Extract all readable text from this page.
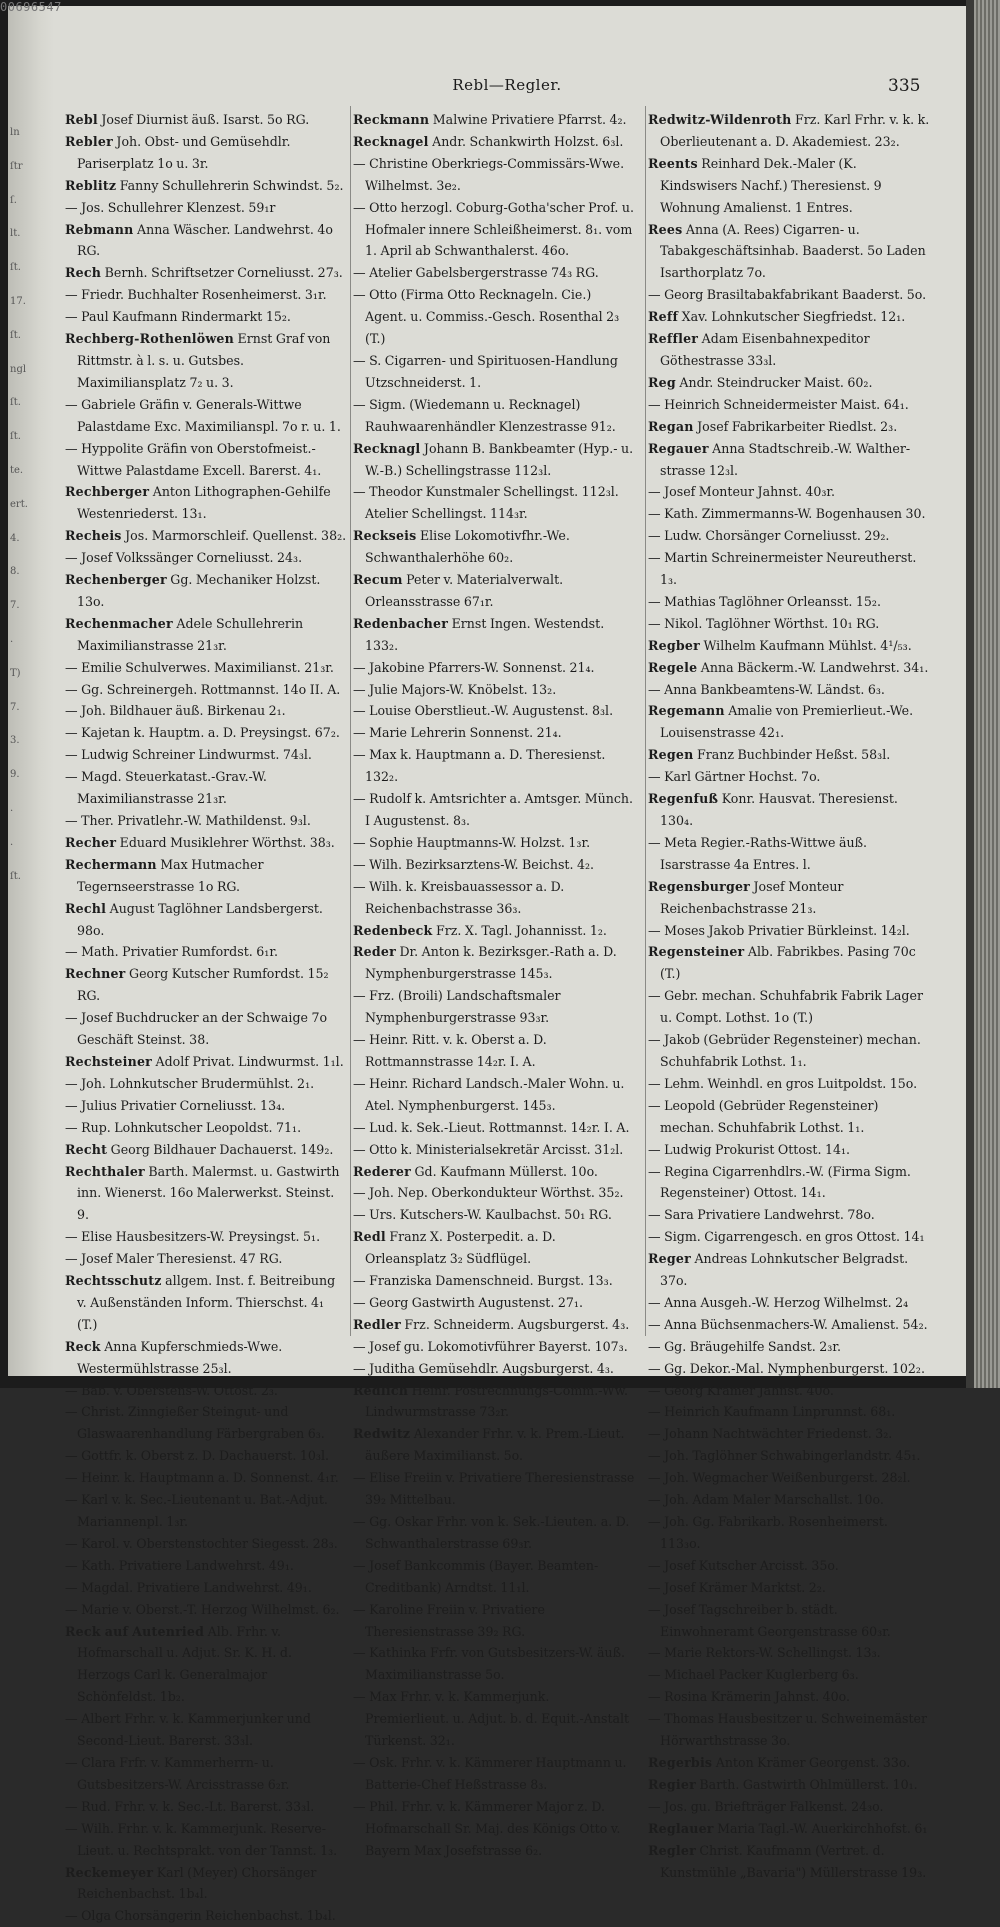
ln
ſtr
ſ.
lt.
ſt.
17.
ſt.
ngl
ſt.
ſt.
te.
ert.
4.
8.
7.
.
T)
7.
3.
9.
.
.
ſt.
Rebl—Regler.	335

Rebl Josef Diurnist äuß. Isarst. 5o RG.

Rebler Joh. Obst- und Gemüsehdlr. Pariserplatz 1o u. 3r.

Reblitz Fanny Schullehrerin Schwindst. 5₂.

— Jos. Schullehrer Klenzest. 59₁r

Rebmann Anna Wäscher. Landwehrst. 4o RG.

Rech Bernh. Schriftsetzer Corneliusst. 27₃.

— Friedr. Buchhalter Rosenheimerst. 3₁r.

— Paul Kaufmann Rindermarkt 15₂.

Rechberg-Rothenlöwen Ernst Graf von Rittmstr. à l. s. u. Gutsbes. Maximiliansplatz 7₂ u. 3.

— Gabriele Gräfin v. Generals-Wittwe Palastdame Exc. Maximilianspl. 7o r. u. 1.

— Hyppolite Gräfin von Oberstofmeist.-Wittwe Palastdame Excell. Barerst. 4₁.

Rechberger Anton Lithographen-Gehilfe Westenriederst. 13₁.

Recheis Jos. Marmorschleif. Quellenst. 38₂.

— Josef Volkssänger Corneliusst. 24₃.

Rechenberger Gg. Mechaniker Holzst. 13o.

Rechenmacher Adele Schullehrerin Maximilianstrasse 21₃r.

— Emilie Schulverwes. Maximilianst. 21₃r.

— Gg. Schreinergeh. Rottmannst. 14o II. A.

— Joh. Bildhauer äuß. Birkenau 2₁.

— Kajetan k. Hauptm. a. D. Preysingst. 67₂.

— Ludwig Schreiner Lindwurmst. 74₃l.

— Magd. Steuerkatast.-Grav.-W. Maximilianstrasse 21₃r.

— Ther. Privatlehr.-W. Mathildenst. 9₃l.

Recher Eduard Musiklehrer Wörthst. 38₃.

Rechermann Max Hutmacher Tegernseerstrasse 1o RG.

Rechl August Taglöhner Landsbergerst. 98o.

— Math. Privatier Rumfordst. 6₁r.

Rechner Georg Kutscher Rumfordst. 15₂ RG.

— Josef Buchdrucker an der Schwaige 7o Geschäft Steinst. 38.

Rechsteiner Adolf Privat. Lindwurmst. 1₁l.

— Joh. Lohnkutscher Brudermühlst. 2₁.

— Julius Privatier Corneliusst. 13₄.

— Rup. Lohnkutscher Leopoldst. 71₁.

Recht Georg Bildhauer Dachauerst. 149₂.

Rechthaler Barth. Malermst. u. Gastwirth inn. Wienerst. 16o Malerwerkst. Steinst. 9.

— Elise Hausbesitzers-W. Preysingst. 5₁.

— Josef Maler Theresienst. 47 RG.

Rechtsschutz allgem. Inst. f. Beitreibung v. Außenständen Inform. Thierschst. 4₁ (T.)

Reck Anna Kupferschmieds-Wwe. Westermühlstrasse 25₃l.

— Bab. v. Oberstens-W. Ottost. 2₃.

— Christ. Zinngießer Steingut- und Glaswaarenhandlung Färbergraben 6₃.

— Gottfr. k. Oberst z. D. Dachauerst. 10₃l.

— Heinr. k. Hauptmann a. D. Sonnenst. 4₁r.

— Karl v. k. Sec.-Lieutenant u. Bat.-Adjut. Mariannenpl. 1₃r.

— Karol. v. Oberstenstochter Siegesst. 28₃.

— Kath. Privatiere Landwehrst. 49₁.

— Magdal. Privatiere Landwehrst. 49₁.

— Marie v. Oberst.-T. Herzog Wilhelmst. 6₂.

Reck auf Autenried Alb. Frhr. v. Hofmarschall u. Adjut. Sr. K. H. d. Herzogs Carl k. Generalmajor Schönfeldst. 1b₂.

— Albert Frhr. v. k. Kammerjunker und Second-Lieut. Barerst. 33₃l.

— Clara Frfr. v. Kammerherrn- u. Gutsbesitzers-W. Arcisstrasse 6₂r.

— Rud. Frhr. v. k. Sec.-Lt. Barerst. 33₃l.

— Wilh. Frhr. v. k. Kammerjunk. Reserve-Lieut. u. Rechtsprakt. von der Tannst. 1₃.

Reckemeyer Karl (Meyer) Chorsänger Reichenbachst. 1b₄l.

— Olga Chorsängerin Reichenbachst. 1b₄l.

Reckmann Malwine Privatiere Pfarrst. 4₂.

Recknagel Andr. Schankwirth Holzst. 6₃l.

— Christine Oberkriegs-Commissärs-Wwe. Wilhelmst. 3e₂.

— Otto herzogl. Coburg-Gotha'scher Prof. u. Hofmaler innere Schleißheimerst. 8₁. vom 1. April ab Schwanthalerst. 46o.

— Atelier Gabelsbergerstrasse 74₃ RG.

— Otto (Firma Otto Recknageln. Cie.) Agent. u. Commiss.-Gesch. Rosenthal 2₃ (T.)

— S. Cigarren- und Spirituosen-Handlung Utzschneiderst. 1.

— Sigm. (Wiedemann u. Recknagel) Rauhwaarenhändler Klenzestrasse 91₂.

Recknagl Johann B. Bankbeamter (Hyp.- u. W.-B.) Schellingstrasse 112₃l.

— Theodor Kunstmaler Schellingst. 112₃l. Atelier Schellingst. 114₃r.

Reckseis Elise Lokomotivfhr.-We. Schwanthalerhöhe 60₂.

Recum Peter v. Materialverwalt. Orleansstrasse 67₁r.

Redenbacher Ernst Ingen. Westendst. 133₂.

— Jakobine Pfarrers-W. Sonnenst. 21₄.

— Julie Majors-W. Knöbelst. 13₂.

— Louise Oberstlieut.-W. Augustenst. 8₃l.

— Marie Lehrerin Sonnenst. 21₄.

— Max k. Hauptmann a. D. Theresienst. 132₂.

— Rudolf k. Amtsrichter a. Amtsger. Münch. I Augustenst. 8₃.

— Sophie Hauptmanns-W. Holzst. 1₃r.

— Wilh. Bezirksarztens-W. Beichst. 4₂.

— Wilh. k. Kreisbauassessor a. D. Reichenbachstrasse 36₃.

Redenbeck Frz. X. Tagl. Johannisst. 1₂.

Reder Dr. Anton k. Bezirksger.-Rath a. D. Nymphenburgerstrasse 145₃.

— Frz. (Broili) Landschaftsmaler Nymphenburgerstrasse 93₃r.

— Heinr. Ritt. v. k. Oberst a. D. Rottmannstrasse 14₂r. I. A.

— Heinr. Richard Landsch.-Maler Wohn. u. Atel. Nymphenburgerst. 145₃.

— Lud. k. Sek.-Lieut. Rottmannst. 14₂r. I. A.

— Otto k. Ministerialsekretär Arcisst. 31₂l.

Rederer Gd. Kaufmann Müllerst. 10o.

— Joh. Nep. Oberkondukteur Wörthst. 35₂.

— Urs. Kutschers-W. Kaulbachst. 50₁ RG.

Redl Franz X. Posterpedit. a. D. Orleansplatz 3₂ Südflügel.

— Franziska Damenschneid. Burgst. 13₃.

— Georg Gastwirth Augustenst. 27₁.

Redler Frz. Schneiderm. Augsburgerst. 4₃.

— Josef gu. Lokomotivführer Bayerst. 107₃.

— Juditha Gemüsehdlr. Augsburgerst. 4₃.

Redlich Heinr. Postrechnungs-Comm.-Ww. Lindwurmstrasse 73₂r.

Redwitz Alexander Frhr. v. k. Prem.-Lieut. äußere Maximilianst. 5o.

— Elise Freiin v. Privatiere Theresienstrasse 39₂ Mittelbau.

— Gg. Oskar Frhr. von k. Sek.-Lieuten. a. D. Schwanthalerstrasse 69₃r.

— Josef Bankcommis (Bayer. Beamten-Creditbank) Arndtst. 11₁l.

— Karoline Freiin v. Privatiere Theresienstrasse 39₂ RG.

— Kathinka Frfr. von Gutsbesitzers-W. äuß. Maximilianstrasse 5o.

— Max Frhr. v. k. Kammerjunk. Premierlieut. u. Adjut. b. d. Equit.-Anstalt Türkenst. 32₁.

— Osk. Frhr. v. k. Kämmerer Hauptmann u. Batterie-Chef Heßstrasse 8₃.

— Phil. Frhr. v. k. Kämmerer Major z. D. Hofmarschall Sr. Maj. des Königs Otto v. Bayern Max Josefstrasse 6₂.

Redwitz-Wildenroth Frz. Karl Frhr. v. k. k. Oberlieutenant a. D. Akademiest. 23₂.

Reents Reinhard Dek.-Maler (K. Kindswisers Nachf.) Theresienst. 9 Wohnung Amalienst. 1 Entres.

Rees Anna (A. Rees) Cigarren- u. Tabakgeschäftsinhab. Baaderst. 5o Laden Isarthorplatz 7o.

— Georg Brasiltabakfabrikant Baaderst. 5o.

Reff Xav. Lohnkutscher Siegfriedst. 12₁.

Reffler Adam Eisenbahnexpeditor Göthestrasse 33₃l.

Reg Andr. Steindrucker Maist. 60₂.

— Heinrich Schneidermeister Maist. 64₁.

Regan Josef Fabrikarbeiter Riedlst. 2₃.

Regauer Anna Stadtschreib.-W. Walther-strasse 12₃l.

— Josef Monteur Jahnst. 40₃r.

— Kath. Zimmermanns-W. Bogenhausen 30.

— Ludw. Chorsänger Corneliusst. 29₂.

— Martin Schreinermeister Neureutherst. 1₃.

— Mathias Taglöhner Orleansst. 15₂.

— Nikol. Taglöhner Wörthst. 10₁ RG.

Regber Wilhelm Kaufmann Mühlst. 4¹/₅₃.

Regele Anna Bäckerm.-W. Landwehrst. 34₁.

— Anna Bankbeamtens-W. Ländst. 6₃.

Regemann Amalie von Premierlieut.-We. Louisenstrasse 42₁.

Regen Franz Buchbinder Heßst. 58₃l.

— Karl Gärtner Hochst. 7o.

Regenfuß Konr. Hausvat. Theresienst. 130₄.

— Meta Regier.-Raths-Wittwe äuß. Isarstrasse 4a Entres. l.

Regensburger Josef Monteur Reichenbachstrasse 21₃.

— Moses Jakob Privatier Bürkleinst. 14₂l.

Regensteiner Alb. Fabrikbes. Pasing 70c (T.)

— Gebr. mechan. Schuhfabrik Fabrik Lager u. Compt. Lothst. 1o (T.)

— Jakob (Gebrüder Regensteiner) mechan. Schuhfabrik Lothst. 1₁.

— Lehm. Weinhdl. en gros Luitpoldst. 15o.

— Leopold (Gebrüder Regensteiner) mechan. Schuhfabrik Lothst. 1₁.

— Ludwig Prokurist Ottost. 14₁.

— Regina Cigarrenhdlrs.-W. (Firma Sigm. Regensteiner) Ottost. 14₁.

— Sara Privatiere Landwehrst. 78o.

— Sigm. Cigarrengesch. en gros Ottost. 14₁

Reger Andreas Lohnkutscher Belgradst. 37o.

— Anna Ausgeh.-W. Herzog Wilhelmst. 2₄

— Anna Büchsenmachers-W. Amalienst. 54₂.

— Gg. Bräugehilfe Sandst. 2₃r.

— Gg. Dekor.-Mal. Nymphenburgerst. 102₂.

— Georg Krämer Jahnst. 40o.

— Heinrich Kaufmann Linprunnst. 68₁.

— Johann Nachtwächter Friedenst. 3₂.

— Joh. Taglöhner Schwabingerlandstr. 45₁.

— Joh. Wegmacher Weißenburgerst. 28₂l.

— Joh. Adam Maler Marschallst. 10o.

— Joh. Gg. Fabrikarb. Rosenheimerst. 113₃o.

— Josef Kutscher Arcisst. 35o.

— Josef Krämer Marktst. 2₂.

— Josef Tagschreiber b. städt. Einwohneramt Georgenstrasse 60₃r.

— Marie Rektors-W. Schellingst. 13₃.

— Michael Packer Kuglerberg 6₃.

— Rosina Krämerin Jahnst. 40o.

— Thomas Hausbesitzer u. Schweinemäster Hörwarthstrasse 3o.

Regerbis Anton Krämer Georgenst. 33o.

Regier Barth. Gastwirth Ohlmüllerst. 10₁.

— Jos. gu. Briefträger Falkenst. 24₃o.

Reglauer Maria Tagl.-W. Auerkirchhofst. 6₁

Regler Christ. Kaufmann (Vertret. d. Kunstmühle „Bavaria") Müllerstrasse 19₃.

00696547
